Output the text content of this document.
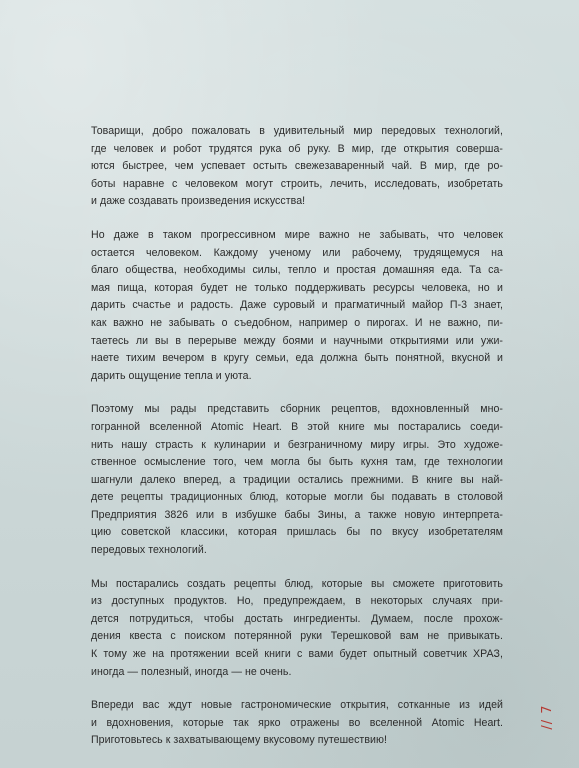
Товарищи, добро пожаловать в удивительный мир передовых технологий,
где человек и робот трудятся рука об руку. В мир, где открытия соверша-
ются быстрее, чем успевает остыть свежезаваренный чай. В мир, где ро-
боты наравне с человеком могут строить, лечить, исследовать, изобретать
и даже создавать произведения искусства!

Но даже в таком прогрессивном мире важно не забывать, что человек
остается человеком. Каждому ученому или рабочему, трудящемуся на
благо общества, необходимы силы, тепло и простая домашняя еда. Та са-
мая пища, которая будет не только поддерживать ресурсы человека, но и
дарить счастье и радость. Даже суровый и прагматичный майор П-3 знает,
как важно не забывать о съедобном, например о пирогах. И не важно, пи-
таетесь ли вы в перерыве между боями и научными открытиями или ужи-
наете тихим вечером в кругу семьи, еда должна быть понятной, вкусной и
дарить ощущение тепла и уюта.

Поэтому мы рады представить сборник рецептов, вдохновленный мно-
гогранной вселенной Atomic Heart. В этой книге мы постарались соеди-
нить нашу страсть к кулинарии и безграничному миру игры. Это художе-
ственное осмысление того, чем могла бы быть кухня там, где технологии
шагнули далеко вперед, а традиции остались прежними. В книге вы най-
дете рецепты традиционных блюд, которые могли бы подавать в столовой
Предприятия 3826 или в избушке бабы Зины, а также новую интерпрета-
цию советской классики, которая пришлась бы по вкусу изобретателям
передовых технологий.

Мы постарались создать рецепты блюд, которые вы сможете приготовить
из доступных продуктов. Но, предупреждаем, в некоторых случаях при-
дется потрудиться, чтобы достать ингредиенты. Думаем, после прохож-
дения квеста с поиском потерянной руки Терешковой вам не привыкать.
К тому же на протяжении всей книги с вами будет опытный советчик ХРАЗ,
иногда — полезный, иногда — не очень.

Впереди вас ждут новые гастрономические открытия, сотканные из идей
и вдохновения, которые так ярко отражены во вселенной Atomic Heart.
Приготовьтесь к захватывающему вкусовому путешествию!

// 7
